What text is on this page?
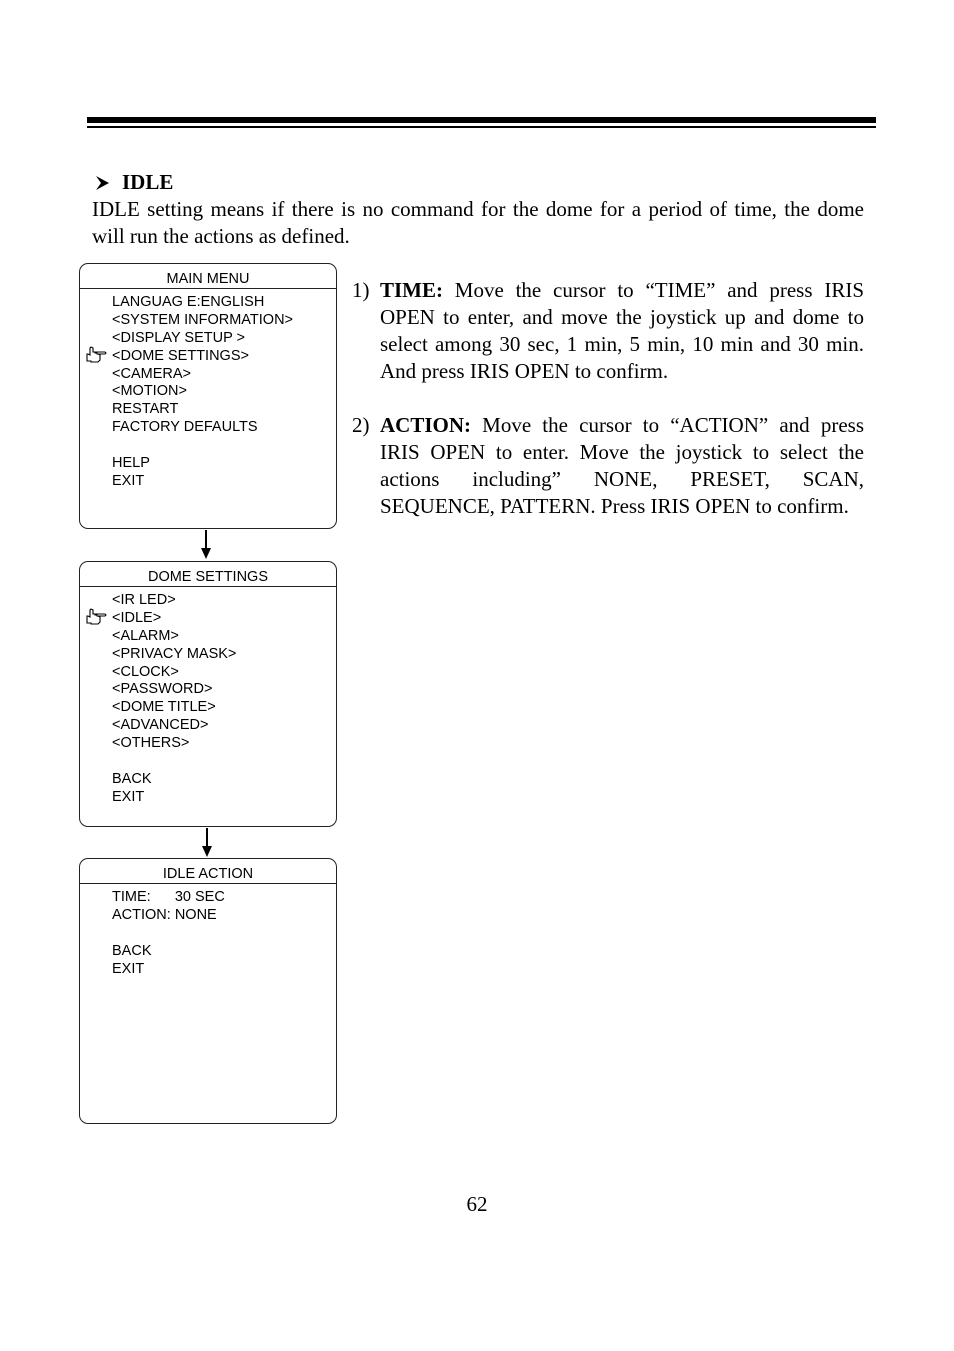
IDLE
IDLE setting means if there is no command for the dome for a period of time, the dome will run the actions as defined.
MAIN MENU
LANGUAG E:ENGLISH
<SYSTEM INFORMATION>
<DISPLAY SETUP >
<DOME SETTINGS>
<CAMERA>
<MOTION>
RESTART
FACTORY DEFAULTS
HELP
EXIT
DOME SETTINGS
<IR LED>
<IDLE>
<ALARM>
<PRIVACY MASK>
<CLOCK>
<PASSWORD>
<DOME TITLE>
<ADVANCED>
<OTHERS>
BACK
EXIT
IDLE ACTION
TIME:      30 SEC
ACTION: NONE
BACK
EXIT
1) TIME: Move the cursor to “TIME” and press IRIS OPEN to enter, and move the joystick up and dome to select among 30 sec, 1 min, 5 min, 10 min and 30 min. And press IRIS OPEN to confirm.
2) ACTION: Move the cursor to “ACTION” and press IRIS OPEN to enter. Move the joystick to select the actions including” NONE, PRESET, SCAN, SEQUENCE, PATTERN. Press IRIS OPEN to confirm.
62
